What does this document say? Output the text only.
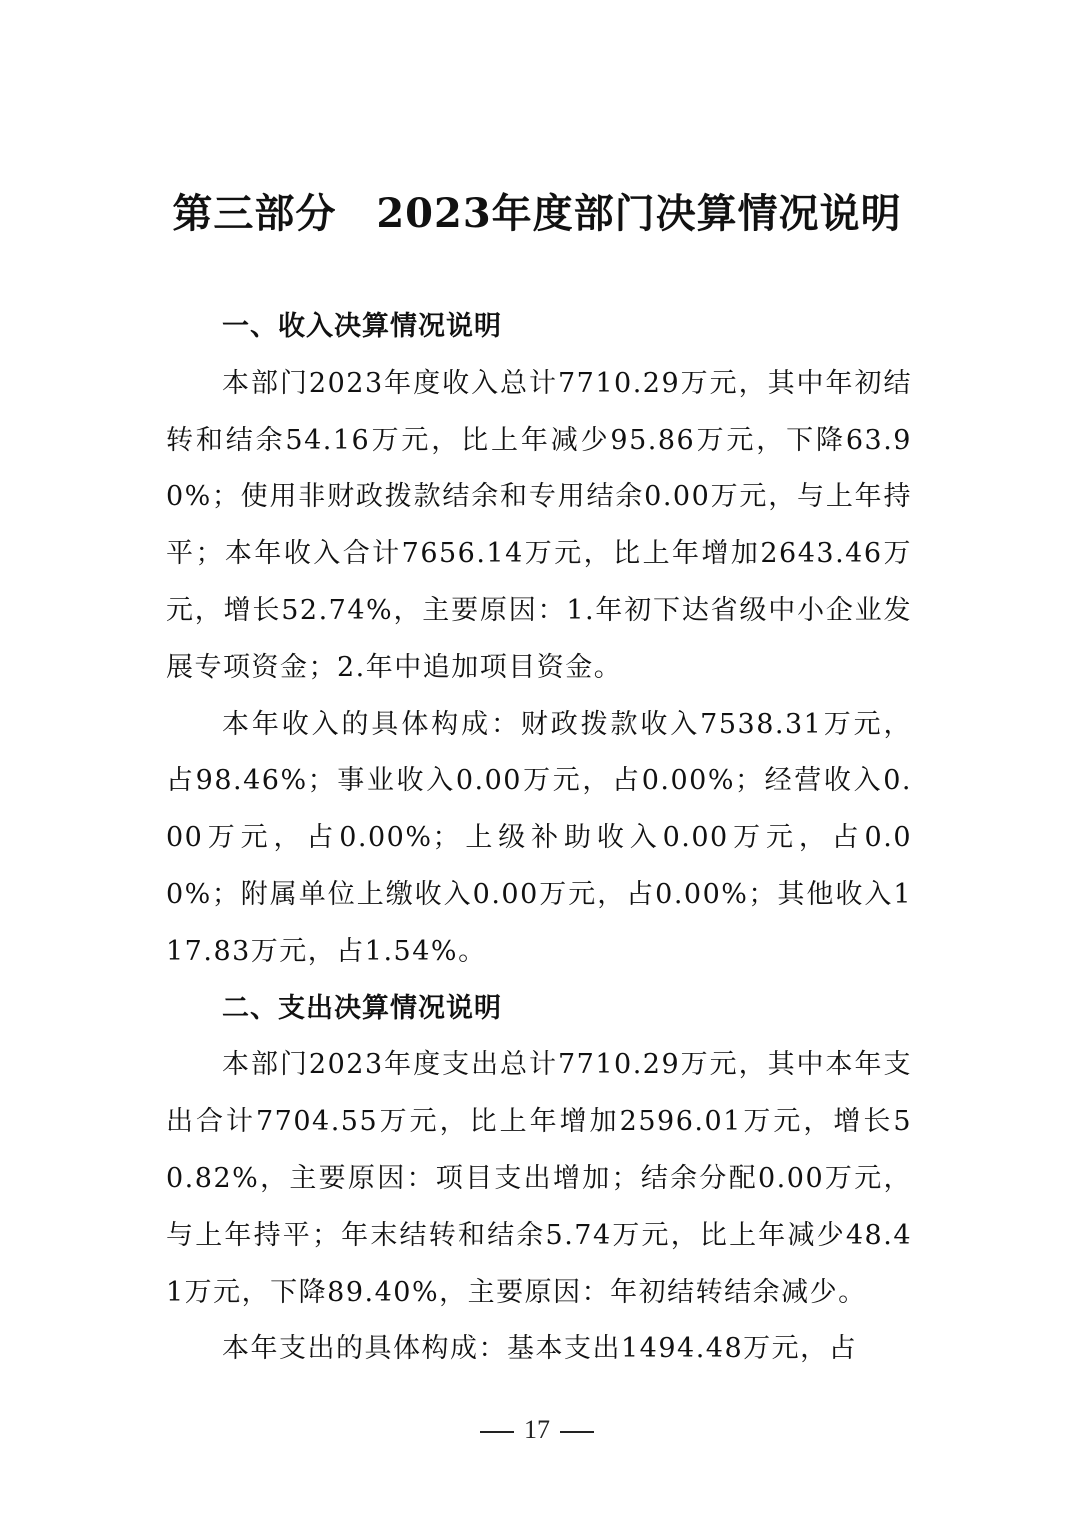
第三部分 2023年度部门决算情况说明

一、收入决算情况说明

本部门2023年度收入总计7710.29万元，其中年初结转和结余54.16万元，比上年减少95.86万元，下降63.90%；使用非财政拨款结余和专用结余0.00万元，与上年持平；本年收入合计7656.14万元，比上年增加2643.46万元，增长52.74%，主要原因：1.年初下达省级中小企业发展专项资金；2.年中追加项目资金。

本年收入的具体构成：财政拨款收入7538.31万元，占98.46%；事业收入0.00万元，占0.00%；经营收入0.00万元，占0.00%；上级补助收入0.00万元，占0.00%；附属单位上缴收入0.00万元，占0.00%；其他收入117.83万元，占1.54%。

二、支出决算情况说明

本部门2023年度支出总计7710.29万元，其中本年支出合计7704.55万元，比上年增加2596.01万元，增长50.82%，主要原因：项目支出增加；结余分配0.00万元，与上年持平；年末结转和结余5.74万元，比上年减少48.41万元，下降89.40%，主要原因：年初结转结余减少。

本年支出的具体构成：基本支出1494.48万元，占

17
